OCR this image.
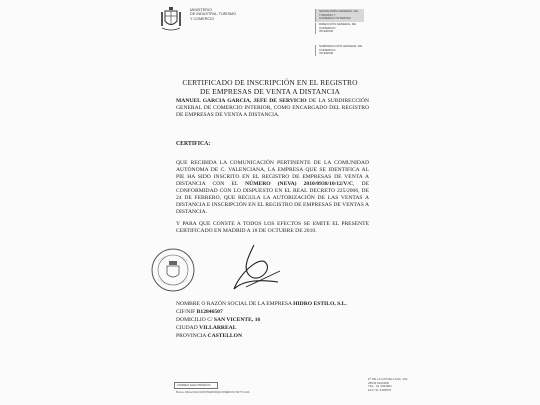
MINISTERIO
DE INDUSTRIA, TURISMO
Y COMERCIO
SECRETARÍA GENERAL DE TURISMO Y
COMERCIO INTERIOR
DIRECCIÓN GENERAL DE COMERCIO
INTERIOR
SUBDIRECCIÓN GENERAL DE COMERCIO
INTERIOR
CERTIFICADO DE INSCRIPCIÓN EN EL REGISTRO
DE EMPRESAS DE VENTA A DISTANCIA
MANUEL GARCIA GARCIA, JEFE DE SERVICIO DE LA SUBDIRECCIÓN GENERAL DE COMERCIO INTERIOR, COMO ENCARGADO DEL REGISTRO DE EMPRESAS DE VENTA A DISTANCIA.
CERTIFICA:
QUE RECIBIDA LA COMUNICACIÓN PERTINENTE DE LA COMUNIDAD AUTÓNOMA DE C. VALENCIANA, LA EMPRESA QUE SE IDENTIFICA AL PIE HA SIDO INSCRITO EN EL REGISTRO DE EMPRESAS DE VENTA A DISTANCIA CON EL NÚMERO (NEVA) 2010/0938/10/12/V/C, DE CONFORMIDAD CON LO DISPUESTO EN EL REAL DECRETO 225/2006, DE 24 DE FEBRERO, QUE REGULA LA AUTORIZACIÓN DE LAS VENTAS A DISTANCIA E INSCRIPCIÓN EN EL REGISTRO DE EMPRESAS DE VENTAS A DISTANCIA.
Y PARA QUE CONSTE A TODOS LOS EFECTOS SE EMITE EL PRESENTE CERTIFICADO EN MADRID A 18 DE OCTUBRE DE 2010.
NOMBRE O RAZÓN SOCIAL DE LA EMPRESA HIDRO ESTILO, S.L.
CIF/NIF B12846507
DOMICILIO C/ SAN VICENTE, 16
CIUDAD VILLARREAL
PROVINCIA CASTELLON
CORREO ELECTRÓNICO:
Buzon.Oficial.SGCOMINTERIOR@COMERCIO.MITYC.ES
Pº DE LA CASTELLANA, 162
28046 MADRID
TEL.: 91 3493801
FAX: 91 3493875
